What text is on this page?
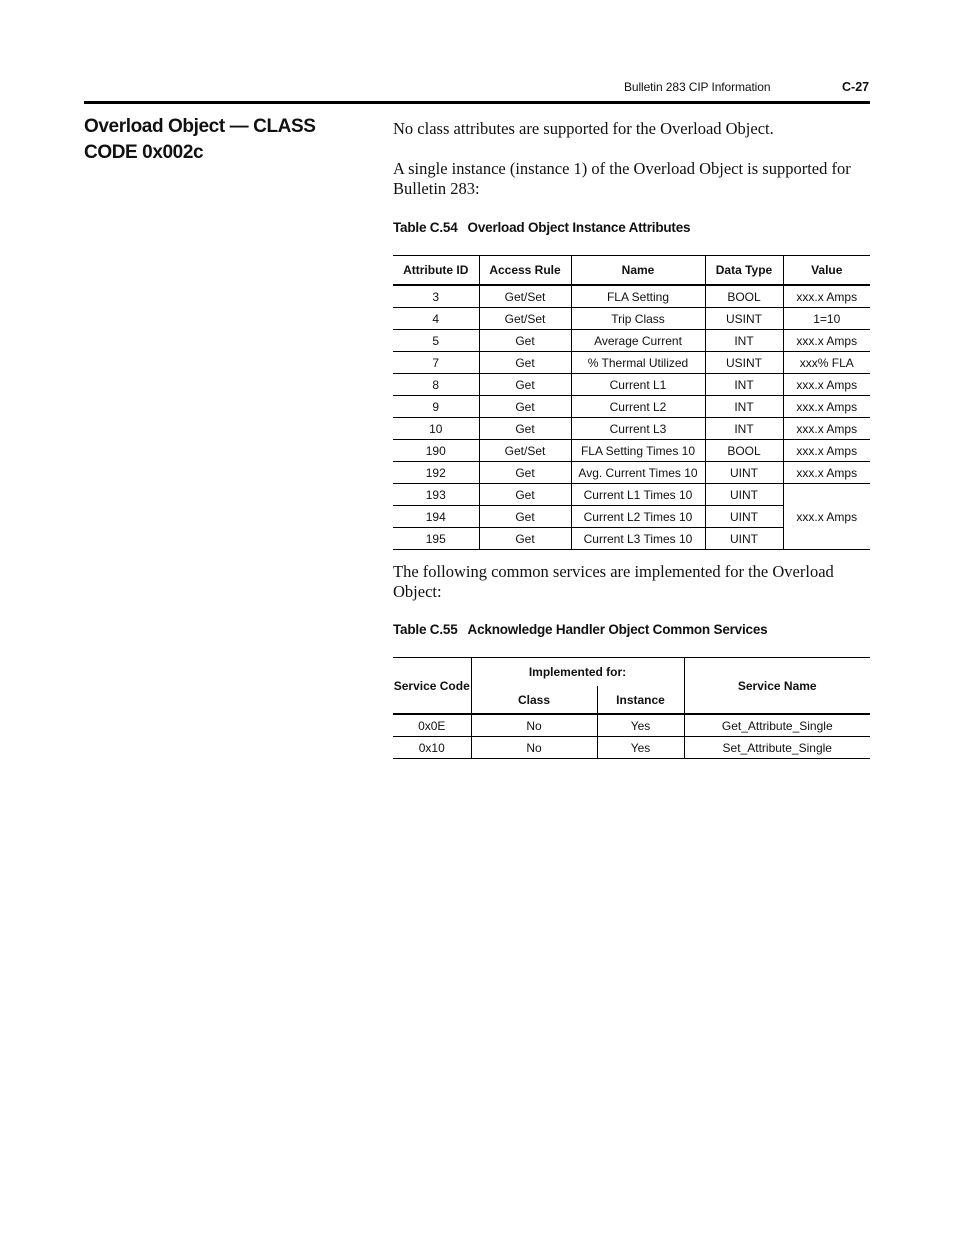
Bulletin 283 CIP Information	C-27
Overload Object — CLASS CODE 0x002c
No class attributes are supported for the Overload Object.
A single instance (instance 1) of the Overload Object is supported for Bulletin 283:
Table C.54 Overload Object Instance Attributes
Attribute ID	Access Rule	Name	Data Type	Value
3	Get/Set	FLA Setting	BOOL	xxx.x Amps
4	Get/Set	Trip Class	USINT	1=10
5	Get	Average Current	INT	xxx.x Amps
7	Get	% Thermal Utilized	USINT	xxx% FLA
8	Get	Current L1	INT	xxx.x Amps
9	Get	Current L2	INT	xxx.x Amps
10	Get	Current L3	INT	xxx.x Amps
190	Get/Set	FLA Setting Times 10	BOOL	xxx.x Amps
192	Get	Avg. Current Times 10	UINT	xxx.x Amps
193	Get	Current L1 Times 10	UINT	xxx.x Amps
194	Get	Current L2 Times 10	UINT	
195	Get	Current L3 Times 10	UINT	
The following common services are implemented for the Overload Object:
Table C.55 Acknowledge Handler Object Common Services
Service Code	Implemented for:		Service Name
	Class	Instance	
0x0E	No	Yes	Get_Attribute_Single
0x10	No	Yes	Set_Attribute_Single
